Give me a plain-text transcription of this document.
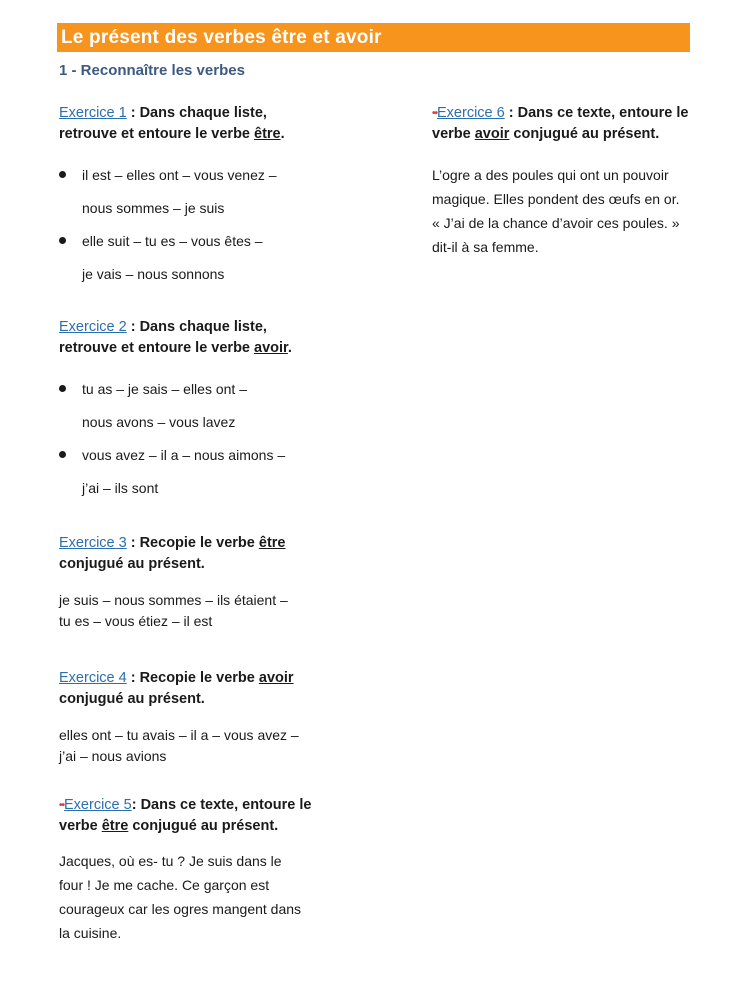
Le présent des verbes être et avoir
1 - Reconnaître les verbes
Exercice 1 : Dans chaque liste,
retrouve et entoure le verbe être.
il est – elles ont – vous venez –
nous sommes – je suis
elle suit – tu es – vous êtes –
je vais – nous sonnons
Exercice 2 : Dans chaque liste,
retrouve et entoure le verbe avoir.
tu as – je sais – elles ont –
nous avons – vous lavez
vous avez – il a – nous aimons –
j’ai – ils sont
Exercice 3 : Recopie le verbe être
conjugué au présent.
je suis – nous sommes – ils étaient –
tu es – vous étiez – il est
Exercice 4 : Recopie le verbe avoir
conjugué au présent.
elles ont – tu avais – il a – vous avez –
j’ai – nous avions
••Exercice 5: Dans ce texte, entoure le
verbe être conjugué au présent.
Jacques, où es- tu ? Je suis dans le
four ! Je me cache. Ce garçon est
courageux car les ogres mangent dans
la cuisine.
••Exercice 6 : Dans ce texte, entoure le
verbe avoir conjugué au présent.
L’ogre a des poules qui ont un pouvoir
magique. Elles pondent des œufs en or.
« J’ai de la chance d’avoir ces poules. »
dit-il à sa femme.
